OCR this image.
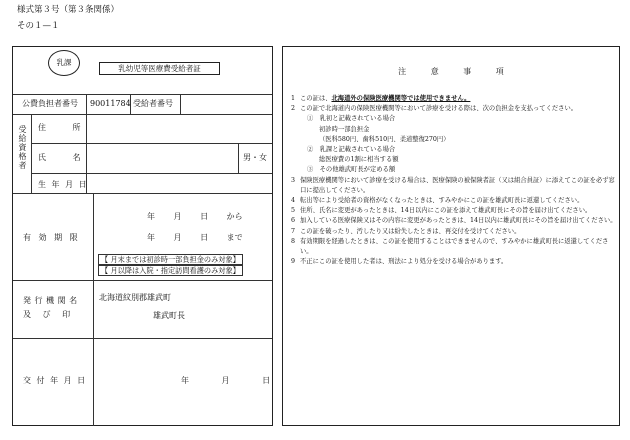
様式第３号（第３条関係）
その１—１
乳課
乳幼児等医療費受給者証
公費負担者番号 90011784 受給者番号
受給資格者 住 所
氏 名	男・女
生 年 月 日
有 効 期 限
年 月 日 から
年 月 日 まで
【 月末までは初診時一部負担金のみ対象】
【 月以降は入院・指定訪問看護のみ対象】
発 行 機 関 名
及 び 印
北海道紋別郡雄武町
雄武町長
交 付 年 月 日	年 月 日
注 意 事 項
1 この証は、北海道外の保険医療機関等では使用できません。
2 この証で北海道内の保険医療機関等において診療を受ける際は、次の負担金を支払ってください。
①　乳初と記載されている場合
初診時一部負担金
（医科580円、歯科510円、柔道整復270円）
②　乳課と記載されている場合
総医療費の1割に相当する額
③　その他雄武町長が定める額
3 保険医療機関等において診療を受ける場合は、医療保険の被保険者証（又は組合員証）に添えてこの証を必ず窓口に提出してください。
4 転出等により受給者の資格がなくなったときは、すみやかにこの証を雄武町長に返還してください。
5 住所、氏名に変更があったときは、14日以内にこの証を添えて雄武町長にその旨を届け出てください。
6 加入している医療保険又はその内容に変更があったときは、14日以内に雄武町長にその旨を届け出てください。
7 この証を破ったり、汚したり又は紛失したときは、再交付を受けてください。
8 有効期限を経過したときは、この証を使用することはできませんので、すみやかに雄武町長に返還してください。
9 不正にこの証を使用した者は、刑法により処分を受ける場合があります。
